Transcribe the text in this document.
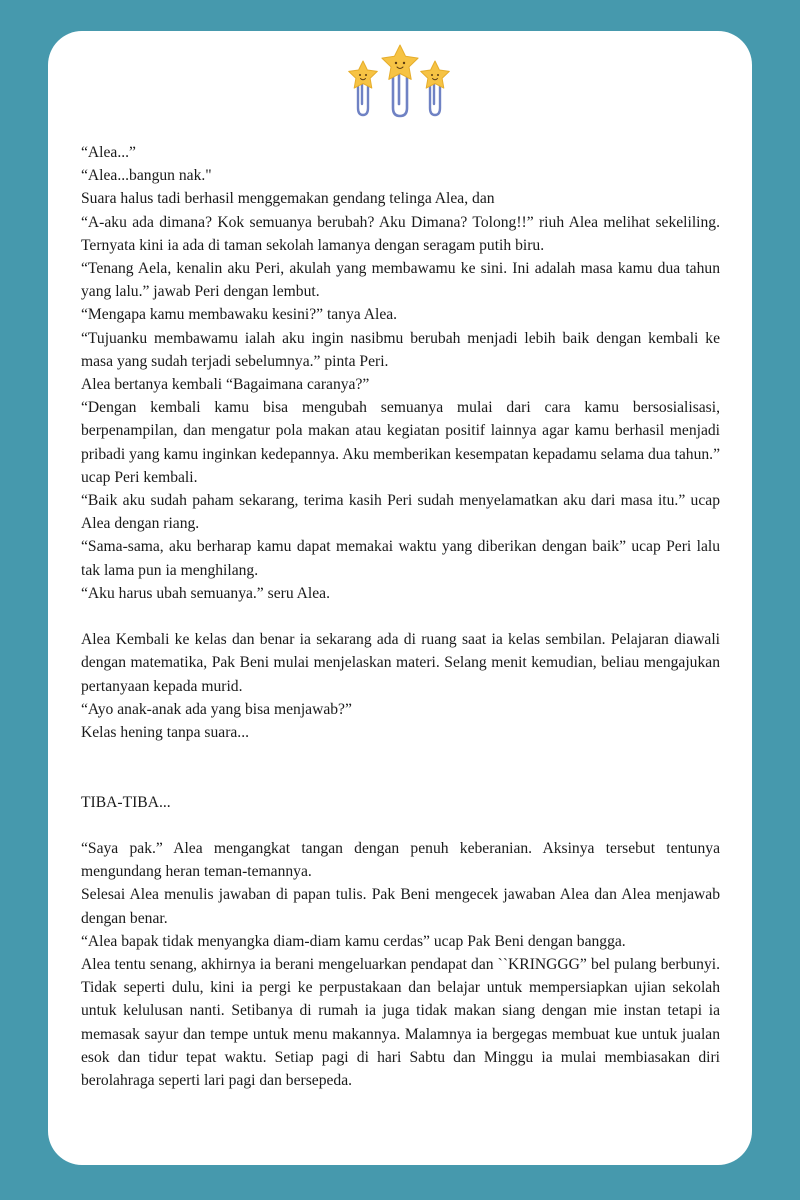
“Alea...”

“Alea...bangun nak."

Suara halus tadi berhasil menggemakan gendang telinga Alea, dan

“A-aku ada dimana? Kok semuanya berubah? Aku Dimana? Tolong!!” riuh Alea melihat sekeliling. Ternyata kini ia ada di taman sekolah lamanya dengan seragam putih biru.

“Tenang Aela, kenalin aku Peri, akulah yang membawamu ke sini. Ini adalah masa kamu dua tahun yang lalu.” jawab Peri dengan lembut.

“Mengapa kamu membawaku kesini?” tanya Alea.

“Tujuanku membawamu ialah aku ingin nasibmu berubah menjadi lebih baik dengan kembali ke masa yang sudah terjadi sebelumnya.” pinta Peri.

Alea bertanya kembali “Bagaimana caranya?”

“Dengan kembali kamu bisa mengubah semuanya mulai dari cara kamu bersosialisasi, berpenampilan, dan mengatur pola makan atau kegiatan positif lainnya agar kamu berhasil menjadi pribadi yang kamu inginkan kedepannya. Aku memberikan kesempatan kepadamu selama dua tahun.” ucap Peri kembali.

“Baik aku sudah paham sekarang, terima kasih Peri sudah menyelamatkan aku dari masa itu.” ucap Alea dengan riang.

“Sama-sama, aku berharap kamu dapat memakai waktu yang diberikan dengan baik” ucap Peri lalu tak lama pun ia menghilang.

“Aku harus ubah semuanya.” seru Alea.

Alea Kembali ke kelas dan benar ia sekarang ada di ruang saat ia kelas sembilan. Pelajaran diawali dengan matematika, Pak Beni mulai menjelaskan materi. Selang menit kemudian, beliau mengajukan pertanyaan kepada murid.

“Ayo anak-anak ada yang bisa menjawab?”

Kelas hening tanpa suara...

TIBA-TIBA...

“Saya pak.” Alea mengangkat tangan dengan penuh keberanian. Aksinya tersebut tentunya mengundang heran teman-temannya.

Selesai Alea menulis jawaban di papan tulis. Pak Beni mengecek jawaban Alea dan Alea menjawab dengan benar.

“Alea bapak tidak menyangka diam-diam kamu cerdas” ucap Pak Beni dengan bangga.

Alea tentu senang, akhirnya ia berani mengeluarkan pendapat dan ``KRINGGG” bel pulang berbunyi. Tidak seperti dulu, kini ia pergi ke perpustakaan dan belajar untuk mempersiapkan ujian sekolah untuk kelulusan nanti. Setibanya di rumah ia juga tidak makan siang dengan mie instan tetapi ia memasak sayur dan tempe untuk menu makannya. Malamnya ia bergegas membuat kue untuk jualan esok dan tidur tepat waktu. Setiap pagi di hari Sabtu dan Minggu ia mulai membiasakan diri berolahraga seperti lari pagi dan bersepeda.
